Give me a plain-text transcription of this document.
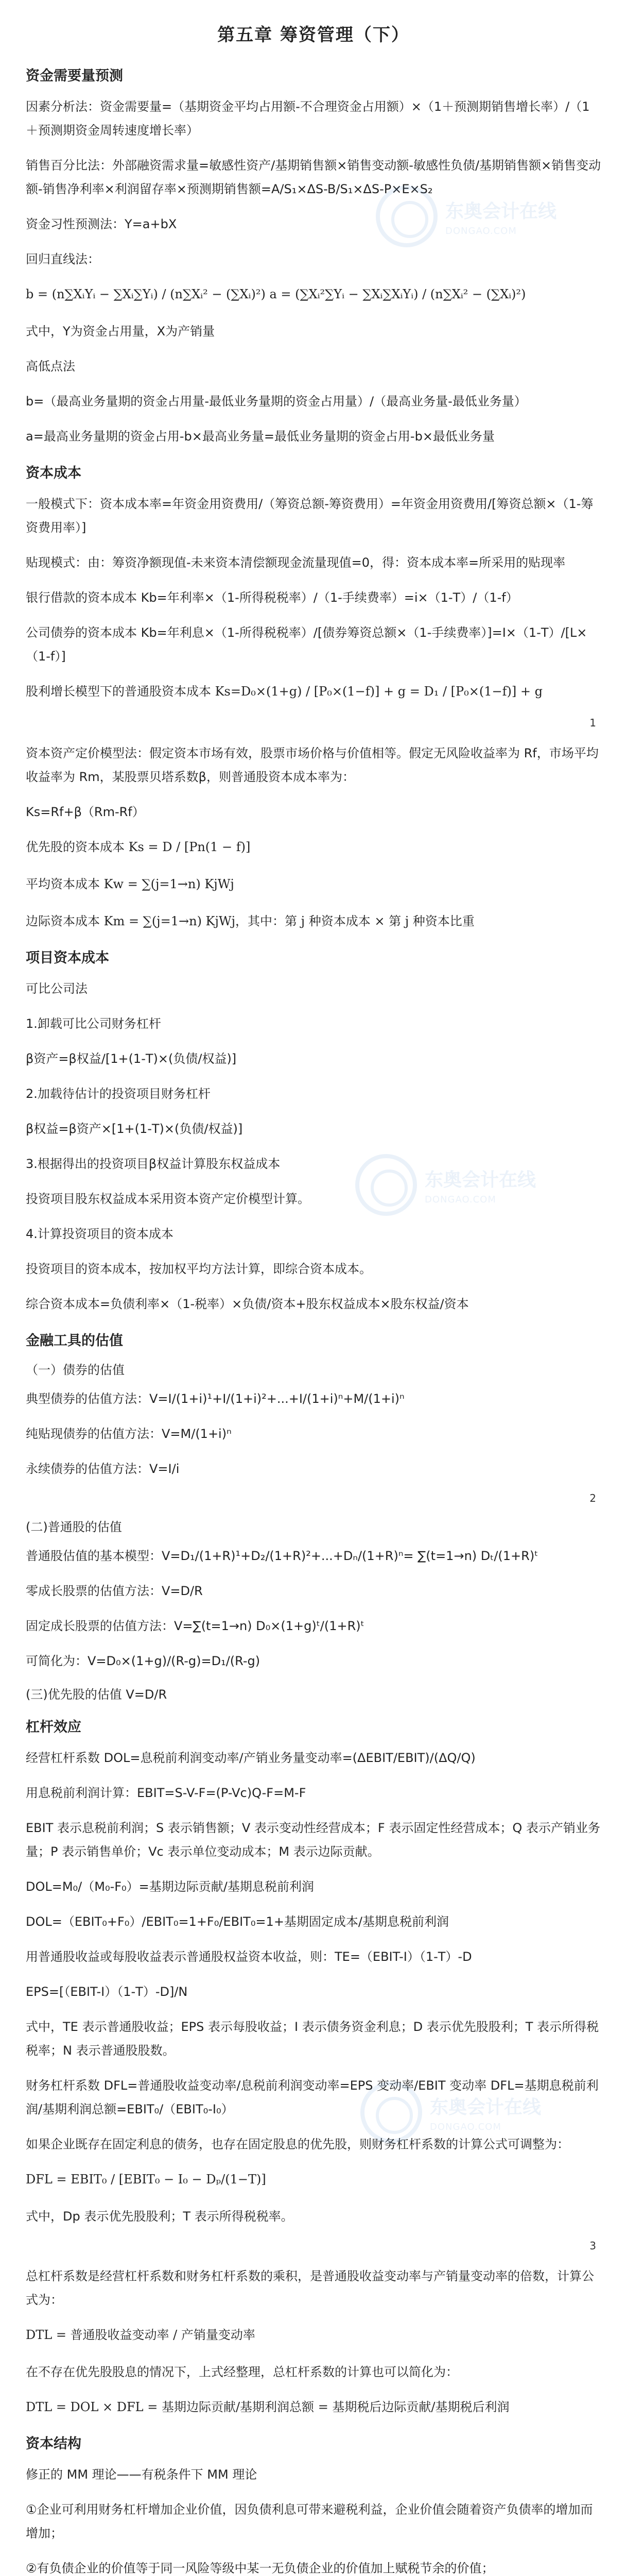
第五章 筹资管理（下）
资金需要量预测
因素分析法：资金需要量=（基期资金平均占用额-不合理资金占用额）×（1＋预测期销售增长率）/（1＋预测期资金周转速度增长率）
销售百分比法：外部融资需求量=敏感性资产/基期销售额×销售变动额-敏感性负债/基期销售额×销售变动额-销售净利率×利润留存率×预测期销售额=A/S₁×ΔS-B/S₁×ΔS-P×E×S₂
资金习性预测法：Y=a+bX
回归直线法：
b = (n∑XᵢYᵢ − ∑Xᵢ∑Yᵢ) / (n∑Xᵢ² − (∑Xᵢ)²) a = (∑Xᵢ²∑Yᵢ − ∑Xᵢ∑XᵢYᵢ) / (n∑Xᵢ² − (∑Xᵢ)²)
式中，Y为资金占用量，X为产销量
高低点法
b=（最高业务量期的资金占用量-最低业务量期的资金占用量）/（最高业务量-最低业务量）
a=最高业务量期的资金占用-b×最高业务量=最低业务量期的资金占用-b×最低业务量
资本成本
一般模式下：资本成本率=年资金用资费用/（筹资总额-筹资费用）=年资金用资费用/[筹资总额×（1-筹资费用率）]
贴现模式：由：筹资净额现值-未来资本清偿额现金流量现值=0，得：资本成本率=所采用的贴现率
银行借款的资本成本 Kb=年利率×（1-所得税税率）/（1-手续费率）=i×（1-T）/（1-f）
公司债券的资本成本 Kb=年利息×（1-所得税税率）/[债券筹资总额×（1-手续费率）]=I×（1-T）/[L×（1-f）]
股利增长模型下的普通股资本成本 Ks=D₀×(1+g) / [P₀×(1−f)] + g = D₁ / [P₀×(1−f)] + g
1
资本资产定价模型法：假定资本市场有效，股票市场价格与价值相等。假定无风险收益率为 Rf，市场平均收益率为 Rm，某股票贝塔系数β，则普通股资本成本率为：
Ks=Rf+β（Rm-Rf）
优先股的资本成本 Ks = D / [Pn(1 − f)]
平均资本成本 Kw = ∑(j=1→n) KjWj
边际资本成本 Km = ∑(j=1→n) KjWj，其中：第 j 种资本成本 × 第 j 种资本比重
项目资本成本
可比公司法
1.卸载可比公司财务杠杆
β资产=β权益/[1+(1-T)×(负债/权益)]
2.加载待估计的投资项目财务杠杆
β权益=β资产×[1+(1-T)×(负债/权益)]
3.根据得出的投资项目β权益计算股东权益成本
投资项目股东权益成本采用资本资产定价模型计算。
4.计算投资项目的资本成本
投资项目的资本成本，按加权平均方法计算，即综合资本成本。
综合资本成本=负债利率×（1-税率）×负债/资本+股东权益成本×股东权益/资本
金融工具的估值
（一）债券的估值
典型债券的估值方法：V=I/(1+i)¹+I/(1+i)²+...+I/(1+i)ⁿ+M/(1+i)ⁿ
纯贴现债券的估值方法：V=M/(1+i)ⁿ
永续债券的估值方法：V=I/i
2
(二)普通股的估值
普通股估值的基本模型：V=D₁/(1+R)¹+D₂/(1+R)²+...+Dₙ/(1+R)ⁿ= ∑(t=1→n) Dₜ/(1+R)ᵗ
零成长股票的估值方法：V=D/R
固定成长股票的估值方法：V=∑(t=1→n) D₀×(1+g)ᵗ/(1+R)ᵗ
可简化为：V=D₀×(1+g)/(R-g)=D₁/(R-g)
(三)优先股的估值 V=D/R
杠杆效应
经营杠杆系数 DOL=息税前利润变动率/产销业务量变动率=(ΔEBIT/EBIT)/(ΔQ/Q)
用息税前利润计算：EBIT=S-V-F=(P-Vc)Q-F=M-F
EBIT 表示息税前利润；S 表示销售额；V 表示变动性经营成本；F 表示固定性经营成本；Q 表示产销业务量；P 表示销售单价；Vc 表示单位变动成本；M 表示边际贡献。
DOL=M₀/（M₀-F₀）=基期边际贡献/基期息税前利润
DOL=（EBIT₀+F₀）/EBIT₀=1+F₀/EBIT₀=1+基期固定成本/基期息税前利润
用普通股收益或每股收益表示普通股权益资本收益，则：TE=（EBIT-I）（1-T）-D
EPS=[（EBIT-I）（1-T）-D]/N
式中，TE 表示普通股收益；EPS 表示每股收益；I 表示债务资金利息；D 表示优先股股利；T 表示所得税税率；N 表示普通股股数。
财务杠杆系数 DFL=普通股收益变动率/息税前利润变动率=EPS 变动率/EBIT 变动率 DFL=基期息税前利润/基期利润总额=EBIT₀/（EBIT₀-I₀）
如果企业既存在固定利息的债务，也存在固定股息的优先股，则财务杠杆系数的计算公式可调整为：
DFL = EBIT₀ / [EBIT₀ − I₀ − Dₚ/(1−T)]
式中，Dp 表示优先股股利；T 表示所得税税率。
3
总杠杆系数是经营杠杆系数和财务杠杆系数的乘积，是普通股收益变动率与产销量变动率的倍数，计算公式为：
DTL = 普通股收益变动率 / 产销量变动率
在不存在优先股股息的情况下，上式经整理，总杠杆系数的计算也可以简化为：
DTL = DOL × DFL = 基期边际贡献/基期利润总额 = 基期税后边际贡献/基期税后利润
资本结构
修正的 MM 理论——有税条件下 MM 理论
①企业可利用财务杠杆增加企业价值，因负债利息可带来避税利益，企业价值会随着资产负债率的增加而增加；
②有负债企业的价值等于同一风险等级中某一无负债企业的价值加上赋税节余的价值；
东奥会计在线
DONGAO.COM
东奥会计在线
DONGAO.COM
东奥会计在线
DONGAO.COM
